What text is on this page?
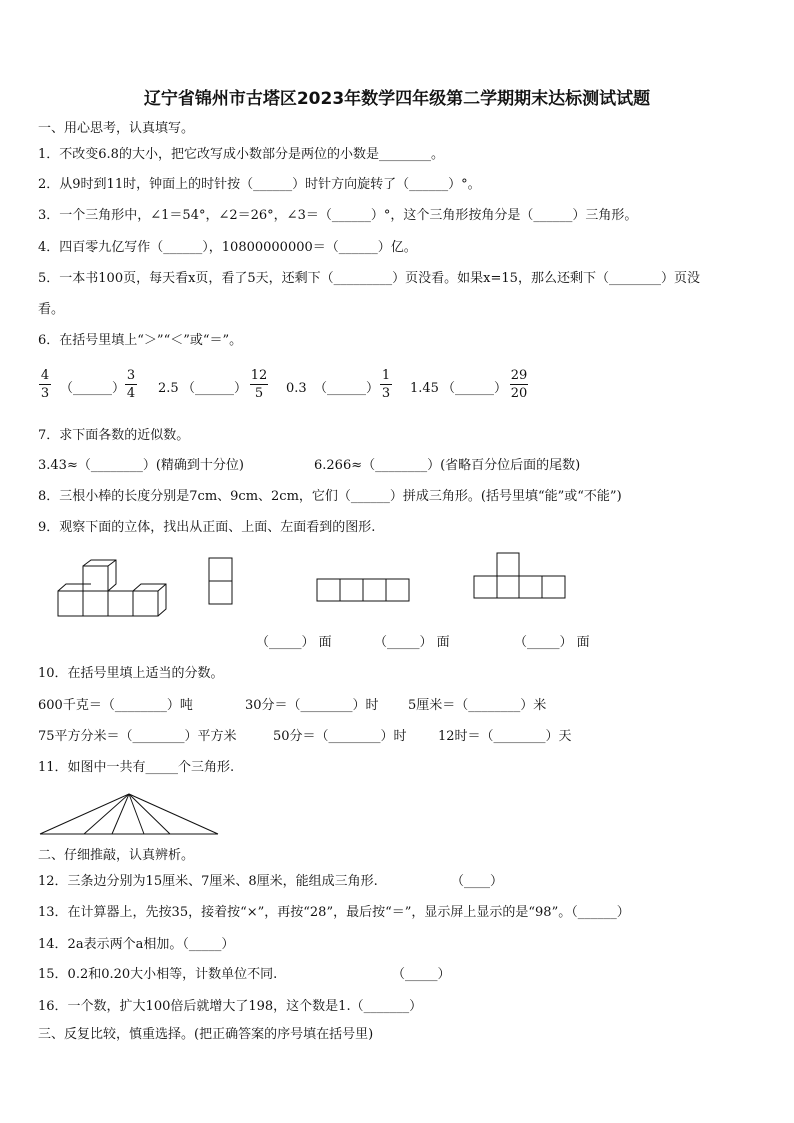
辽宁省锦州市古塔区2023年数学四年级第二学期期末达标测试试题
一、用心思考，认真填写。
1．不改变6.8的大小，把它改写成小数部分是两位的小数是________。
2．从9时到11时，钟面上的时针按（______）时针方向旋转了（______）°。
3．一个三角形中，∠1＝54°，∠2＝26°，∠3＝（______）°，这个三角形按角分是（______）三角形。
4．四百零九亿写作（______），10800000000＝（______）亿。
5．一本书100页，每天看x页，看了5天，还剩下（_________）页没看。如果x=15，那么还剩下（________）页没
看。
6．在括号里填上“＞”“＜”或“＝”。
4
3 （______）
3
4 2.5 （______）
12
5	0.3 （______）
1
3 1.45 （______）
29
20
7．求下面各数的近似数。
3.43≈（________）(精确到十分位)	6.266≈（________）(省略百分位后面的尾数)
8．三根小棒的长度分别是7cm、9cm、2cm，它们（______）拼成三角形。(括号里填“能”或“不能”)
9．观察下面的立体，找出从正面、上面、左面看到的图形.
（_____） 面	（_____） 面	（_____） 面
10．在括号里填上适当的分数。
600千克＝（________）吨	30分＝（________）时 5厘米＝（________）米
75平方分米＝（________）平方米	50分＝（________）时 12时＝（________）天
11．如图中一共有_____个三角形.
二、仔细推敲，认真辨析。
12．三条边分别为15厘米、7厘米、8厘米，能组成三角形.	（____）
13．在计算器上，先按35，接着按“×”，再按“28”，最后按“＝”，显示屏上显示的是“98”。（______）
14．2a表示两个a相加。（_____）
15．0.2和0.20大小相等，计数单位不同.	（_____）
16．一个数，扩大100倍后就增大了198，这个数是1.（_______）
三、反复比较，慎重选择。(把正确答案的序号填在括号里)
